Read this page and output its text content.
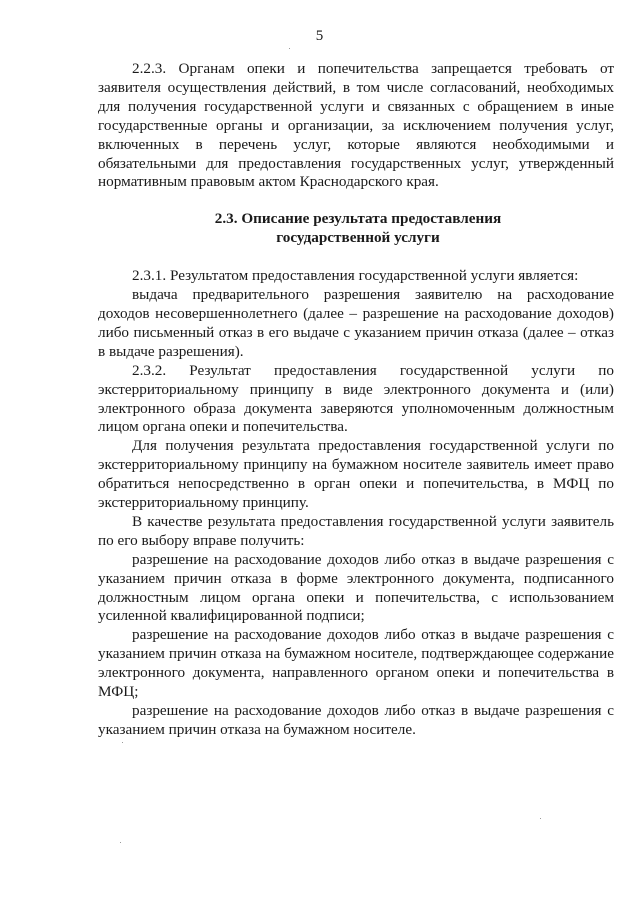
5

2.2.3. Органам опеки и попечительства запрещается требовать от заявителя осуществления действий, в том числе согласований, необходимых для получения государственной услуги и связанных с обращением в иные государственные органы и организации, за исключением получения услуг, включенных в перечень услуг, которые являются необходимыми и обязательными для предоставления государственных услуг, утвержденный нормативным правовым актом Краснодарского края.

2.3. Описание результата предоставления
государственной услуги

2.3.1. Результатом предоставления государственной услуги является:

выдача предварительного разрешения заявителю на расходование доходов несовершеннолетнего (далее – разрешение на расходование доходов) либо письменный отказ в его выдаче с указанием причин отказа (далее – отказ в выдаче разрешения).

2.3.2. Результат предоставления государственной услуги по экстерриториальному принципу в виде электронного документа и (или) электронного образа документа заверяются уполномоченным должностным лицом органа опеки и попечительства.

Для получения результата предоставления государственной услуги по экстерриториальному принципу на бумажном носителе заявитель имеет право обратиться непосредственно в орган опеки и попечительства, в МФЦ по экстерриториальному принципу.

В качестве результата предоставления государственной услуги заявитель по его выбору вправе получить:

разрешение на расходование доходов либо отказ в выдаче разрешения с указанием причин отказа в форме электронного документа, подписанного должностным лицом органа опеки и попечительства, с использованием усиленной квалифицированной подписи;

разрешение на расходование доходов либо отказ в выдаче разрешения с указанием причин отказа на бумажном носителе, подтверждающее содержание электронного документа, направленного органом опеки и попечительства в МФЦ;

разрешение на расходование доходов либо отказ в выдаче разрешения с указанием причин отказа на бумажном носителе.
